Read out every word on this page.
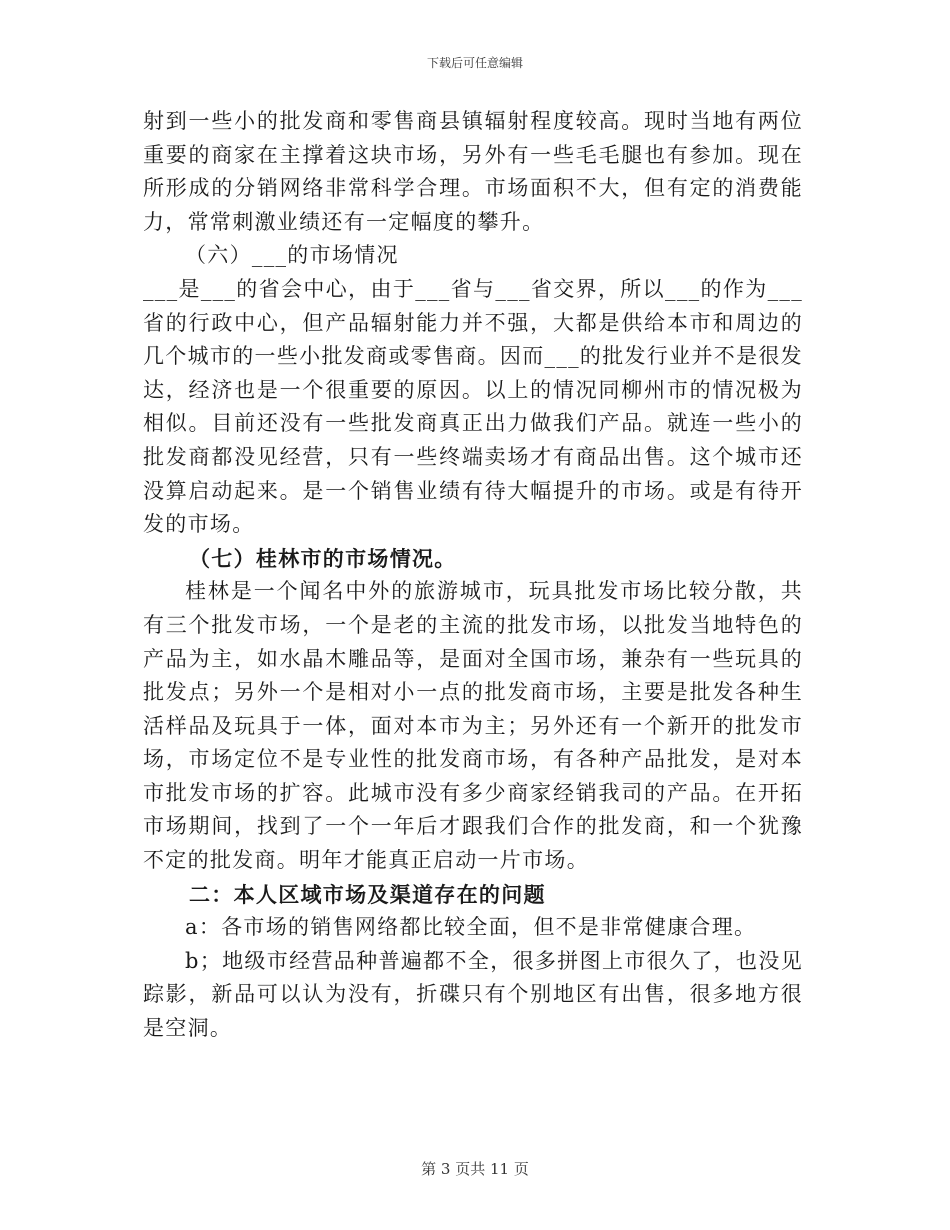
下载后可任意编辑

射到一些小的批发商和零售商县镇辐射程度较高。现时当地有两位重要的商家在主撑着这块市场，另外有一些毛毛腿也有参加。现在所形成的分销网络非常科学合理。市场面积不大，但有定的消费能力，常常刺激业绩还有一定幅度的攀升。

（六）___的市场情况

___是___的省会中心，由于___省与___省交界，所以___的作为___省的行政中心，但产品辐射能力并不强，大都是供给本市和周边的几个城市的一些小批发商或零售商。因而___的批发行业并不是很发达，经济也是一个很重要的原因。以上的情况同柳州市的情况极为相似。目前还没有一些批发商真正出力做我们产品。就连一些小的批发商都没见经营，只有一些终端卖场才有商品出售。这个城市还没算启动起来。是一个销售业绩有待大幅提升的市场。或是有待开发的市场。

（七）桂林市的市场情况。

桂林是一个闻名中外的旅游城市，玩具批发市场比较分散，共有三个批发市场，一个是老的主流的批发市场，以批发当地特色的产品为主，如水晶木雕品等，是面对全国市场，兼杂有一些玩具的批发点；另外一个是相对小一点的批发商市场，主要是批发各种生活样品及玩具于一体，面对本市为主；另外还有一个新开的批发市场，市场定位不是专业性的批发商市场，有各种产品批发，是对本市批发市场的扩容。此城市没有多少商家经销我司的产品。在开拓市场期间，找到了一个一年后才跟我们合作的批发商，和一个犹豫不定的批发商。明年才能真正启动一片市场。

二：本人区域市场及渠道存在的问题

a：各市场的销售网络都比较全面，但不是非常健康合理。

b；地级市经营品种普遍都不全，很多拼图上市很久了，也没见踪影，新品可以认为没有，折碟只有个别地区有出售，很多地方很是空洞。

第 3 页共 11 页
